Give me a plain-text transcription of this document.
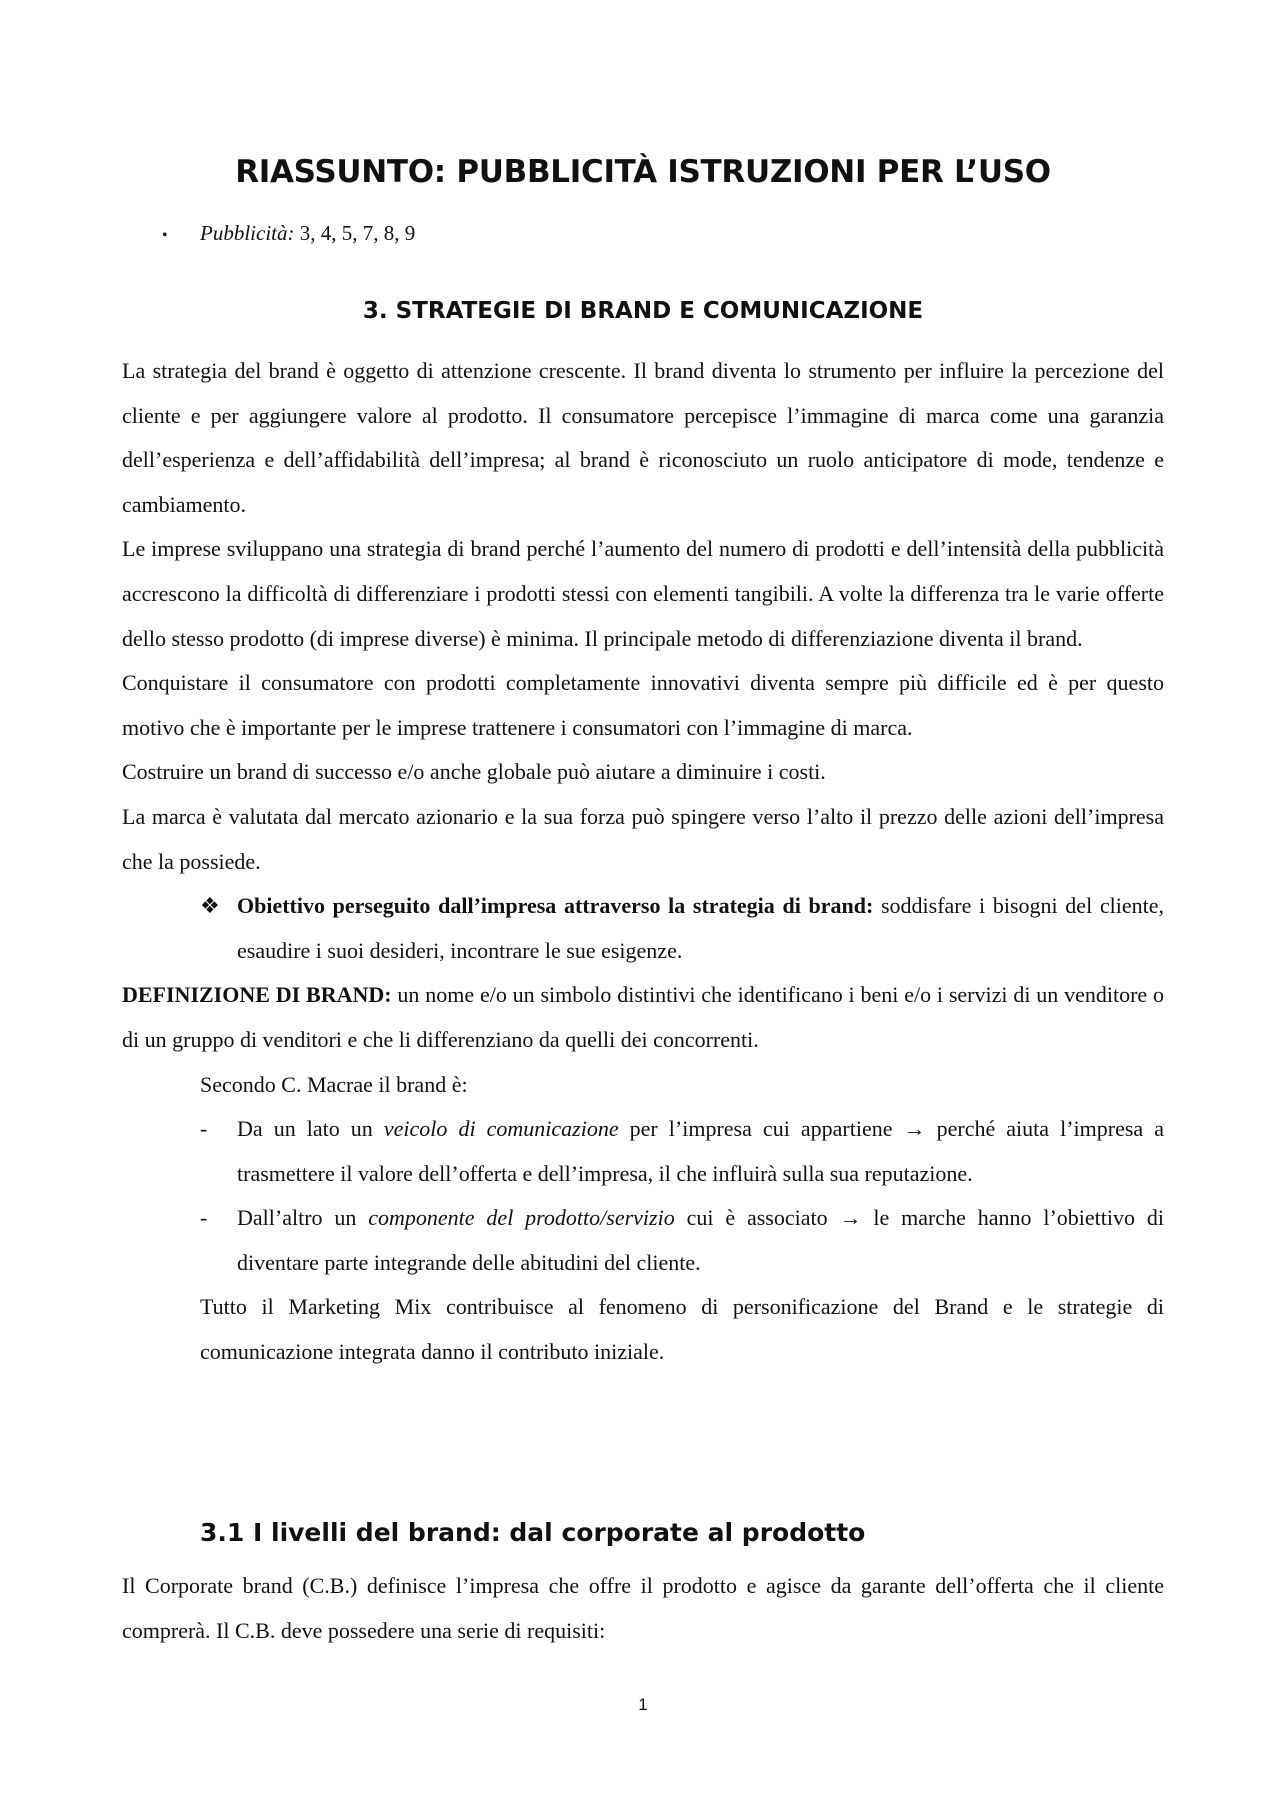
RIASSUNTO: PUBBLICITÀ ISTRUZIONI PER L’USO
• Pubblicità: 3, 4, 5, 7, 8, 9
3. STRATEGIE DI BRAND E COMUNICAZIONE

La strategia del brand è oggetto di attenzione crescente. Il brand diventa lo strumento per influire la percezione del cliente e per aggiungere valore al prodotto. Il consumatore percepisce l’immagine di marca come una garanzia dell’esperienza e dell’affidabilità dell’impresa; al brand è riconosciuto un ruolo anticipatore di mode, tendenze e cambiamento.

Le imprese sviluppano una strategia di brand perché l’aumento del numero di prodotti e dell’intensità della pubblicità accrescono la difficoltà di differenziare i prodotti stessi con elementi tangibili. A volte la differenza tra le varie offerte dello stesso prodotto (di imprese diverse) è minima. Il principale metodo di differenziazione diventa il brand.

Conquistare il consumatore con prodotti completamente innovativi diventa sempre più difficile ed è per questo motivo che è importante per le imprese trattenere i consumatori con l’immagine di marca.

Costruire un brand di successo e/o anche globale può aiutare a diminuire i costi.

La marca è valutata dal mercato azionario e la sua forza può spingere verso l’alto il prezzo delle azioni dell’impresa che la possiede.

❖ Obiettivo perseguito dall’impresa attraverso la strategia di brand: soddisfare i bisogni del cliente, esaudire i suoi desideri, incontrare le sue esigenze.

DEFINIZIONE DI BRAND: un nome e/o un simbolo distintivi che identificano i beni e/o i servizi di un venditore o di un gruppo di venditori e che li differenziano da quelli dei concorrenti.

Secondo C. Macrae il brand è:

- Da un lato un veicolo di comunicazione per l’impresa cui appartiene → perché aiuta l’impresa a trasmettere il valore dell’offerta e dell’impresa, il che influirà sulla sua reputazione.

- Dall’altro un componente del prodotto/servizio cui è associato → le marche hanno l’obiettivo di diventare parte integrande delle abitudini del cliente.

Tutto il Marketing Mix contribuisce al fenomeno di personificazione del Brand e le strategie di comunicazione integrata danno il contributo iniziale.

3.1 I livelli del brand: dal corporate al prodotto

Il Corporate brand (C.B.) definisce l’impresa che offre il prodotto e agisce da garante dell’offerta che il cliente comprerà. Il C.B. deve possedere una serie di requisiti:

1
